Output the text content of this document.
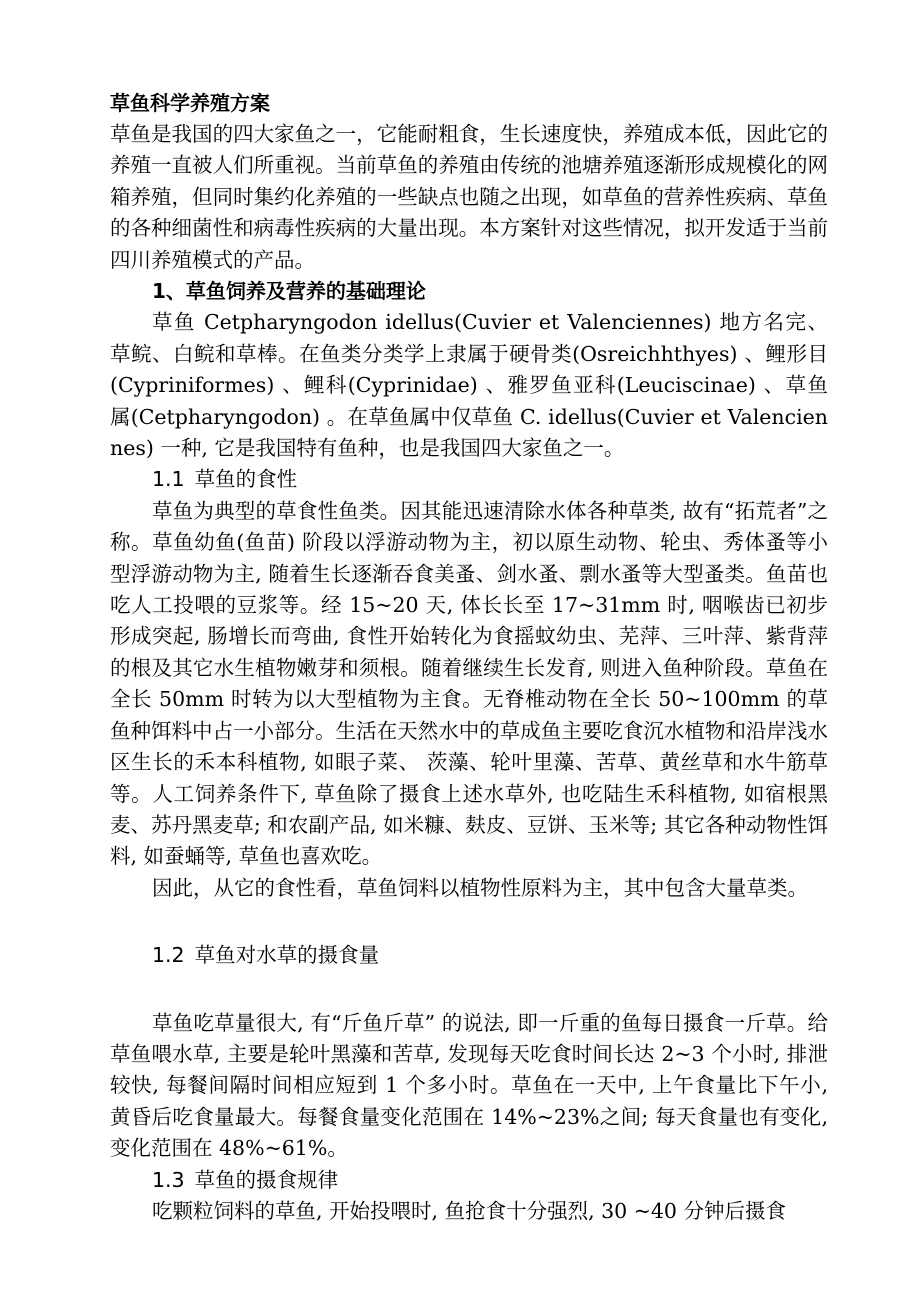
草鱼科学养殖方案

草鱼是我国的四大家鱼之一，它能耐粗食，生长速度快，养殖成本低，因此它的养殖一直被人们所重视。当前草鱼的养殖由传统的池塘养殖逐渐形成规模化的网箱养殖，但同时集约化养殖的一些缺点也随之出现，如草鱼的营养性疾病、草鱼的各种细菌性和病毒性疾病的大量出现。本方案针对这些情况，拟开发适于当前四川养殖模式的产品。

1、草鱼饲养及营养的基础理论

草鱼 Cetpharyngodon idellus(Cuvier et Valenciennes) 地方名完、草鲩、白鲩和草棒。在鱼类分类学上隶属于硬骨类(Osreichhthyes) 、鲤形目(Cypriniformes) 、鲤科(Cyprinidae) 、雅罗鱼亚科(Leuciscinae) 、草鱼属(Cetpharyngodon) 。在草鱼属中仅草鱼 C. idellus(Cuvier et Valenciennes) 一种, 它是我国特有鱼种，也是我国四大家鱼之一。

1.1 草鱼的食性

草鱼为典型的草食性鱼类。因其能迅速清除水体各种草类, 故有“拓荒者”之称。草鱼幼鱼(鱼苗) 阶段以浮游动物为主，初以原生动物、轮虫、秀体蚤等小型浮游动物为主, 随着生长逐渐吞食美蚤、剑水蚤、剽水蚤等大型蚤类。鱼苗也吃人工投喂的豆浆等。经 15~20 天, 体长长至 17~31mm 时, 咽喉齿已初步形成突起, 肠增长而弯曲, 食性开始转化为食摇蚊幼虫、芜萍、三叶萍、紫背萍的根及其它水生植物嫩芽和须根。随着继续生长发育, 则进入鱼种阶段。草鱼在全长 50mm 时转为以大型植物为主食。无脊椎动物在全长 50~100mm 的草鱼种饵料中占一小部分。生活在天然水中的草成鱼主要吃食沉水植物和沿岸浅水区生长的禾本科植物, 如眼子菜、 茨藻、轮叶里藻、苦草、黄丝草和水牛筋草等。人工饲养条件下, 草鱼除了摄食上述水草外, 也吃陆生禾科植物, 如宿根黑麦、苏丹黑麦草; 和农副产品, 如米糠、麸皮、豆饼、玉米等; 其它各种动物性饵料, 如蚕蛹等, 草鱼也喜欢吃。

因此，从它的食性看，草鱼饲料以植物性原料为主，其中包含大量草类。

1.2 草鱼对水草的摄食量

草鱼吃草量很大, 有“斤鱼斤草” 的说法, 即一斤重的鱼每日摄食一斤草。给草鱼喂水草, 主要是轮叶黑藻和苦草, 发现每天吃食时间长达 2~3 个小时, 排泄较快, 每餐间隔时间相应短到 1 个多小时。草鱼在一天中, 上午食量比下午小, 黄昏后吃食量最大。每餐食量变化范围在 14%~23%之间; 每天食量也有变化, 变化范围在 48%~61%。

1.3 草鱼的摄食规律

吃颗粒饲料的草鱼, 开始投喂时, 鱼抢食十分强烈, 30 ~40 分钟后摄食
